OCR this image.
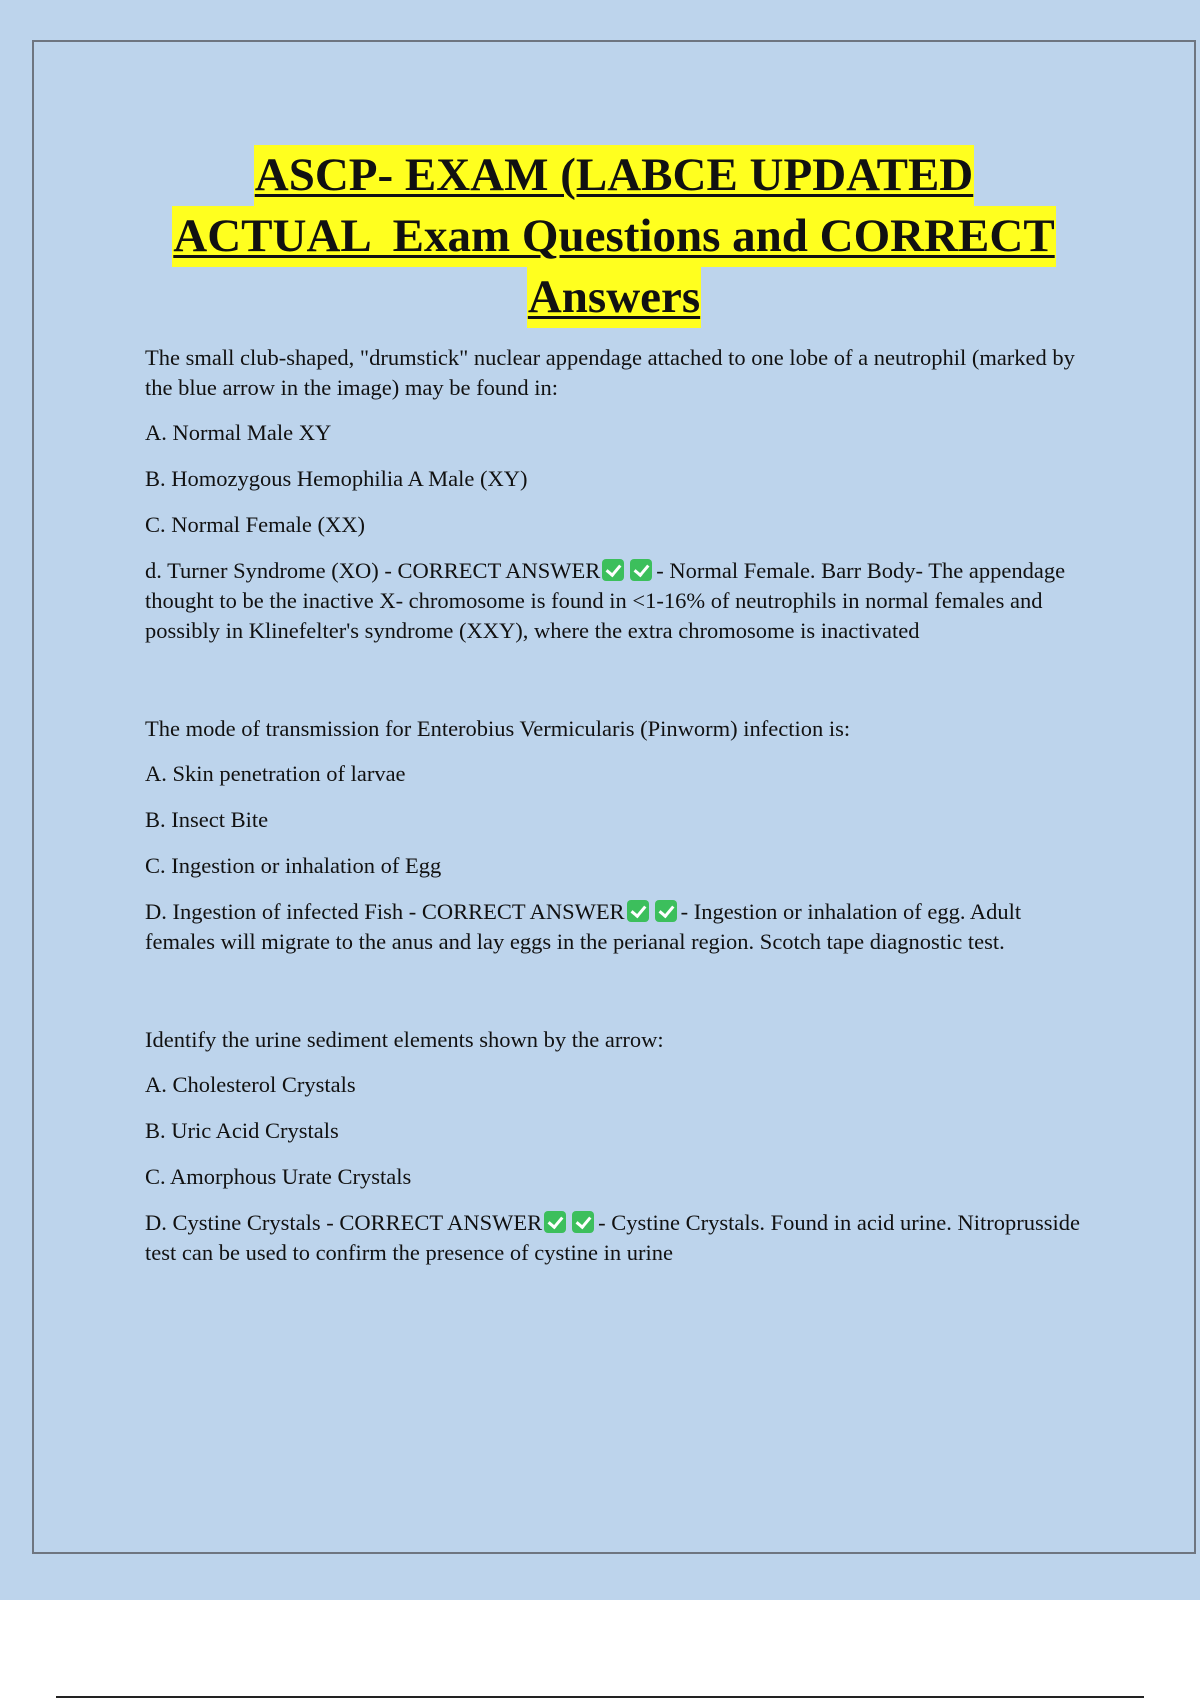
ASCP- EXAM (LABCE UPDATED
ACTUAL  Exam Questions and CORRECT
Answers

The small club-shaped, "drumstick" nuclear appendage attached to one lobe of a neutrophil (marked by the blue arrow in the image) may be found in:

A. Normal Male XY

B. Homozygous Hemophilia A Male (XY)

C. Normal Female (XX)

d. Turner Syndrome (XO) - CORRECT ANSWER - Normal Female. Barr Body- The appendage thought to be the inactive X- chromosome is found in <1-16% of neutrophils in normal females and possibly in Klinefelter's syndrome (XXY), where the extra chromosome is inactivated

The mode of transmission for Enterobius Vermicularis (Pinworm) infection is:

A. Skin penetration of larvae

B. Insect Bite

C. Ingestion or inhalation of Egg

D. Ingestion of infected Fish - CORRECT ANSWER - Ingestion or inhalation of egg. Adult females will migrate to the anus and lay eggs in the perianal region. Scotch tape diagnostic test.

Identify the urine sediment elements shown by the arrow:

A. Cholesterol Crystals

B. Uric Acid Crystals

C. Amorphous Urate Crystals

D. Cystine Crystals - CORRECT ANSWER - Cystine Crystals. Found in acid urine. Nitroprusside test can be used to confirm the presence of cystine in urine
